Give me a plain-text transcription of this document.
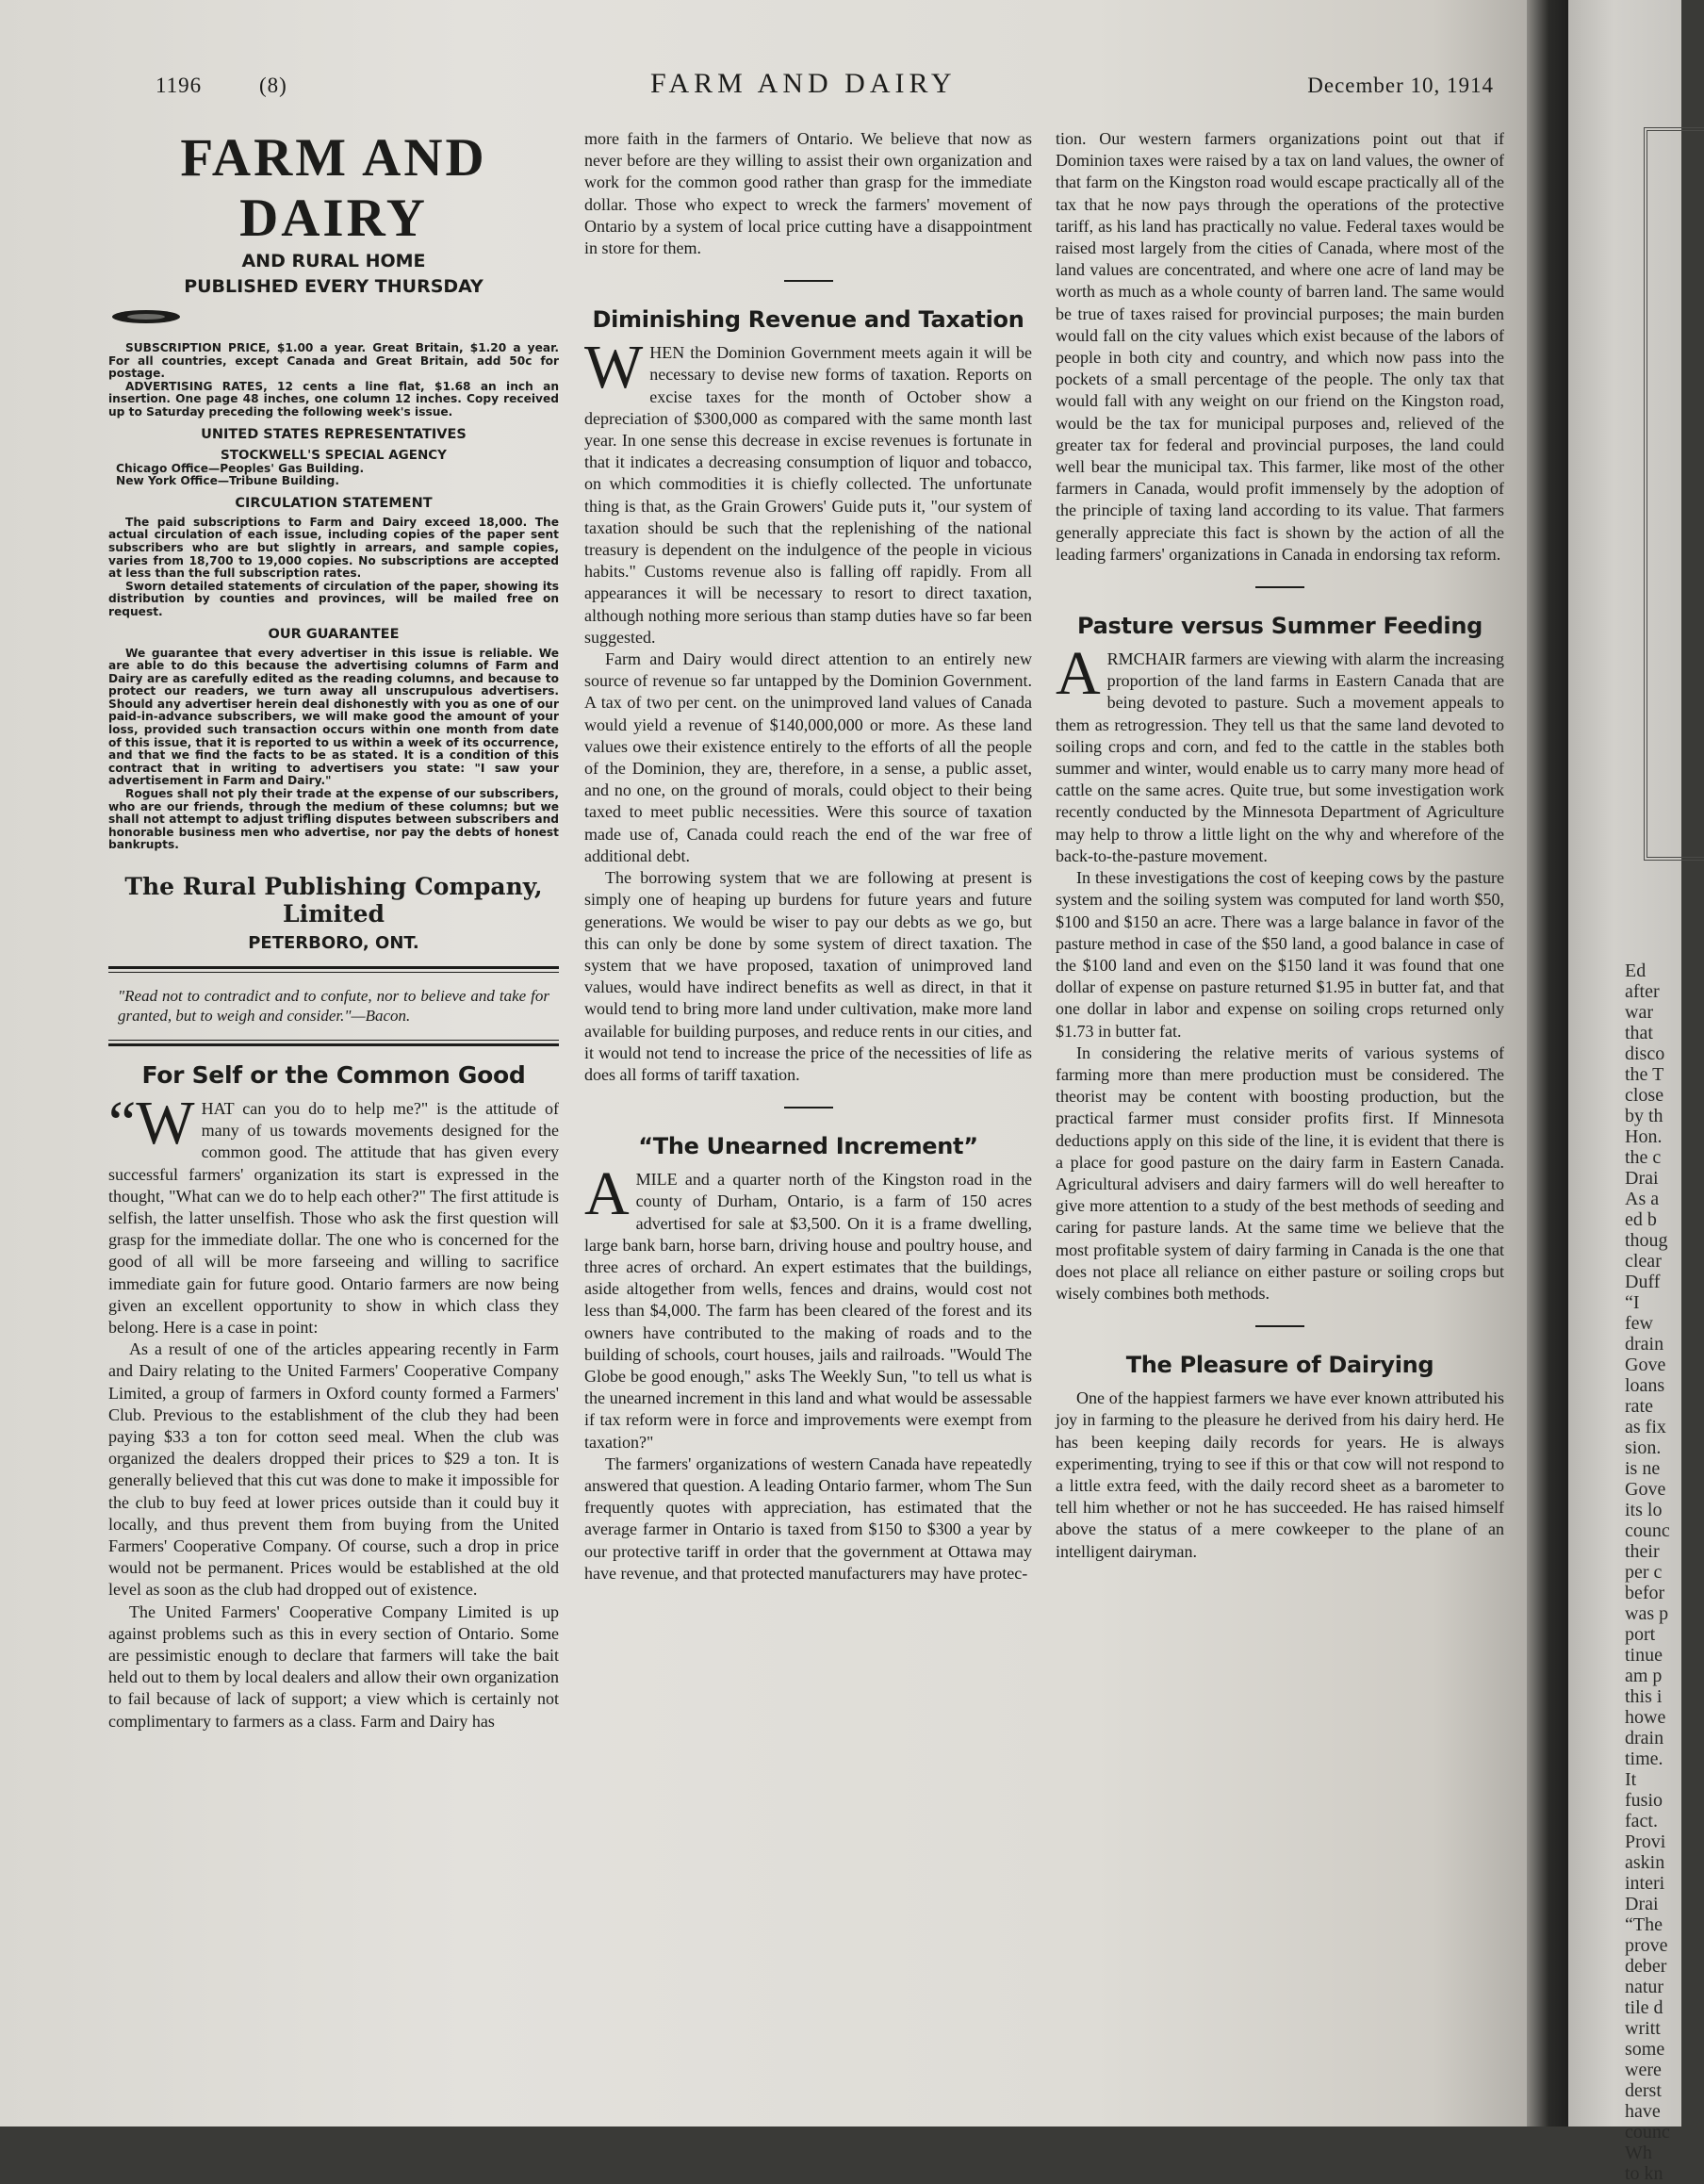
1196	(8)	FARM AND DAIRY	December 10, 1914

FARM AND DAIRY

AND RURAL HOME
PUBLISHED EVERY THURSDAY

SUBSCRIPTION PRICE, $1.00 a year. Great Britain, $1.20 a year. For all countries, except Canada and Great Britain, add 50c for postage.

ADVERTISING RATES, 12 cents a line flat, $1.68 an inch an insertion. One page 48 inches, one column 12 inches. Copy received up to Saturday preceding the following week's issue.

UNITED STATES REPRESENTATIVES
STOCKWELL'S SPECIAL AGENCY

Chicago Office—Peoples' Gas Building.

New York Office—Tribune Building.

CIRCULATION STATEMENT

The paid subscriptions to Farm and Dairy exceed 18,000. The actual circulation of each issue, including copies of the paper sent subscribers who are but slightly in arrears, and sample copies, varies from 18,700 to 19,000 copies. No subscriptions are accepted at less than the full subscription rates.

Sworn detailed statements of circulation of the paper, showing its distribution by counties and provinces, will be mailed free on request.

OUR GUARANTEE

We guarantee that every advertiser in this issue is reliable. We are able to do this because the advertising columns of Farm and Dairy are as carefully edited as the reading columns, and because to protect our readers, we turn away all unscrupulous advertisers. Should any advertiser herein deal dishonestly with you as one of our paid-in-advance subscribers, we will make good the amount of your loss, provided such transaction occurs within one month from date of this issue, that it is reported to us within a week of its occurrence, and that we find the facts to be as stated. It is a condition of this contract that in writing to advertisers you state: "I saw your advertisement in Farm and Dairy."

Rogues shall not ply their trade at the expense of our subscribers, who are our friends, through the medium of these columns; but we shall not attempt to adjust trifling disputes between subscribers and honorable business men who advertise, nor pay the debts of honest bankrupts.

The Rural Publishing Company, Limited
PETERBORO, ONT.

"Read not to contradict and to confute, nor to believe and take for granted, but to weigh and consider."—Bacon.

For Self or the Common Good

“WHAT can you do to help me?" is the attitude of many of us towards movements designed for the common good. The attitude that has given every successful farmers' organization its start is expressed in the thought, "What can we do to help each other?" The first attitude is selfish, the latter unselfish. Those who ask the first question will grasp for the immediate dollar. The one who is concerned for the good of all will be more farseeing and willing to sacrifice immediate gain for future good. Ontario farmers are now being given an excellent opportunity to show in which class they belong. Here is a case in point:

As a result of one of the articles appearing recently in Farm and Dairy relating to the United Farmers' Cooperative Company Limited, a group of farmers in Oxford county formed a Farmers' Club. Previous to the establishment of the club they had been paying $33 a ton for cotton seed meal. When the club was organized the dealers dropped their prices to $29 a ton. It is generally believed that this cut was done to make it impossible for the club to buy feed at lower prices outside than it could buy it locally, and thus prevent them from buying from the United Farmers' Cooperative Company. Of course, such a drop in price would not be permanent. Prices would be established at the old level as soon as the club had dropped out of existence.

The United Farmers' Cooperative Company Limited is up against problems such as this in every section of Ontario. Some are pessimistic enough to declare that farmers will take the bait held out to them by local dealers and allow their own organization to fail because of lack of support; a view which is certainly not complimentary to farmers as a class. Farm and Dairy has

more faith in the farmers of Ontario. We believe that now as never before are they willing to assist their own organization and work for the common good rather than grasp for the immediate dollar. Those who expect to wreck the farmers' movement of Ontario by a system of local price cutting have a disappointment in store for them.

Diminishing Revenue and Taxation

WHEN the Dominion Government meets again it will be necessary to devise new forms of taxation. Reports on excise taxes for the month of October show a depreciation of $300,000 as compared with the same month last year. In one sense this decrease in excise revenues is fortunate in that it indicates a decreasing consumption of liquor and tobacco, on which commodities it is chiefly collected. The unfortunate thing is that, as the Grain Growers' Guide puts it, "our system of taxation should be such that the replenishing of the national treasury is dependent on the indulgence of the people in vicious habits." Customs revenue also is falling off rapidly. From all appearances it will be necessary to resort to direct taxation, although nothing more serious than stamp duties have so far been suggested.

Farm and Dairy would direct attention to an entirely new source of revenue so far untapped by the Dominion Government. A tax of two per cent. on the unimproved land values of Canada would yield a revenue of $140,000,000 or more. As these land values owe their existence entirely to the efforts of all the people of the Dominion, they are, therefore, in a sense, a public asset, and no one, on the ground of morals, could object to their being taxed to meet public necessities. Were this source of taxation made use of, Canada could reach the end of the war free of additional debt.

The borrowing system that we are following at present is simply one of heaping up burdens for future years and future generations. We would be wiser to pay our debts as we go, but this can only be done by some system of direct taxation. The system that we have proposed, taxation of unimproved land values, would have indirect benefits as well as direct, in that it would tend to bring more land under cultivation, make more land available for building purposes, and reduce rents in our cities, and it would not tend to increase the price of the necessities of life as does all forms of tariff taxation.

“The Unearned Increment”

AMILE and a quarter north of the Kingston road in the county of Durham, Ontario, is a farm of 150 acres advertised for sale at $3,500. On it is a frame dwelling, large bank barn, horse barn, driving house and poultry house, and three acres of orchard. An expert estimates that the buildings, aside altogether from wells, fences and drains, would cost not less than $4,000. The farm has been cleared of the forest and its owners have contributed to the making of roads and to the building of schools, court houses, jails and railroads. "Would The Globe be good enough," asks The Weekly Sun, "to tell us what is the unearned increment in this land and what would be assessable if tax reform were in force and improvements were exempt from taxation?"

The farmers' organizations of western Canada have repeatedly answered that question. A leading Ontario farmer, whom The Sun frequently quotes with appreciation, has estimated that the average farmer in Ontario is taxed from $150 to $300 a year by our protective tariff in order that the government at Ottawa may have revenue, and that protected manufacturers may have protec-

tion. Our western farmers organizations point out that if Dominion taxes were raised by a tax on land values, the owner of that farm on the Kingston road would escape practically all of the tax that he now pays through the operations of the protective tariff, as his land has practically no value. Federal taxes would be raised most largely from the cities of Canada, where most of the land values are concentrated, and where one acre of land may be worth as much as a whole county of barren land. The same would be true of taxes raised for provincial purposes; the main burden would fall on the city values which exist because of the labors of people in both city and country, and which now pass into the pockets of a small percentage of the people. The only tax that would fall with any weight on our friend on the Kingston road, would be the tax for municipal purposes and, relieved of the greater tax for federal and provincial purposes, the land could well bear the municipal tax. This farmer, like most of the other farmers in Canada, would profit immensely by the adoption of the principle of taxing land according to its value. That farmers generally appreciate this fact is shown by the action of all the leading farmers' organizations in Canada in endorsing tax reform.

Pasture versus Summer Feeding

ARMCHAIR farmers are viewing with alarm the increasing proportion of the land farms in Eastern Canada that are being devoted to pasture. Such a movement appeals to them as retrogression. They tell us that the same land devoted to soiling crops and corn, and fed to the cattle in the stables both summer and winter, would enable us to carry many more head of cattle on the same acres. Quite true, but some investigation work recently conducted by the Minnesota Department of Agriculture may help to throw a little light on the why and wherefore of the back-to-the-pasture movement.

In these investigations the cost of keeping cows by the pasture system and the soiling system was computed for land worth $50, $100 and $150 an acre. There was a large balance in favor of the pasture method in case of the $50 land, a good balance in case of the $100 land and even on the $150 land it was found that one dollar of expense on pasture returned $1.95 in butter fat, and that one dollar in labor and expense on soiling crops returned only $1.73 in butter fat.

In considering the relative merits of various systems of farming more than mere production must be considered. The theorist may be content with boosting production, but the practical farmer must consider profits first. If Minnesota deductions apply on this side of the line, it is evident that there is a place for good pasture on the dairy farm in Eastern Canada. Agricultural advisers and dairy farmers will do well hereafter to give more attention to a study of the best methods of seeding and caring for pasture lands. At the same time we believe that the most profitable system of dairy farming in Canada is the one that does not place all reliance on either pasture or soiling crops but wisely combines both methods.

The Pleasure of Dairying

One of the happiest farmers we have ever known attributed his joy in farming to the pleasure he derived from his dairy herd. He has been keeping daily records for years. He is always experimenting, trying to see if this or that cow will not respond to a little extra feed, with the daily record sheet as a barometer to tell him whether or not he has succeeded. He has raised himself above the status of a mere cowkeeper to the plane of an intelligent dairyman.

Ed
after
war
that
disco
the T
close
by th
Hon.
the c
Drai
As a
ed b
thoug
clear
Duff
“I
few
drain
Gove
loans
rate
as fix
sion.
is ne
Gove
its lo
counc
their
per c
befor
was p
port
tinue
am p
this i
howe
drain
time.
It
fusio
fact.
Provi
askin
interi
Drai
“The
prove
deber
natur
tile d
writt
some
were
derst
have
counc
Wh
to kn
